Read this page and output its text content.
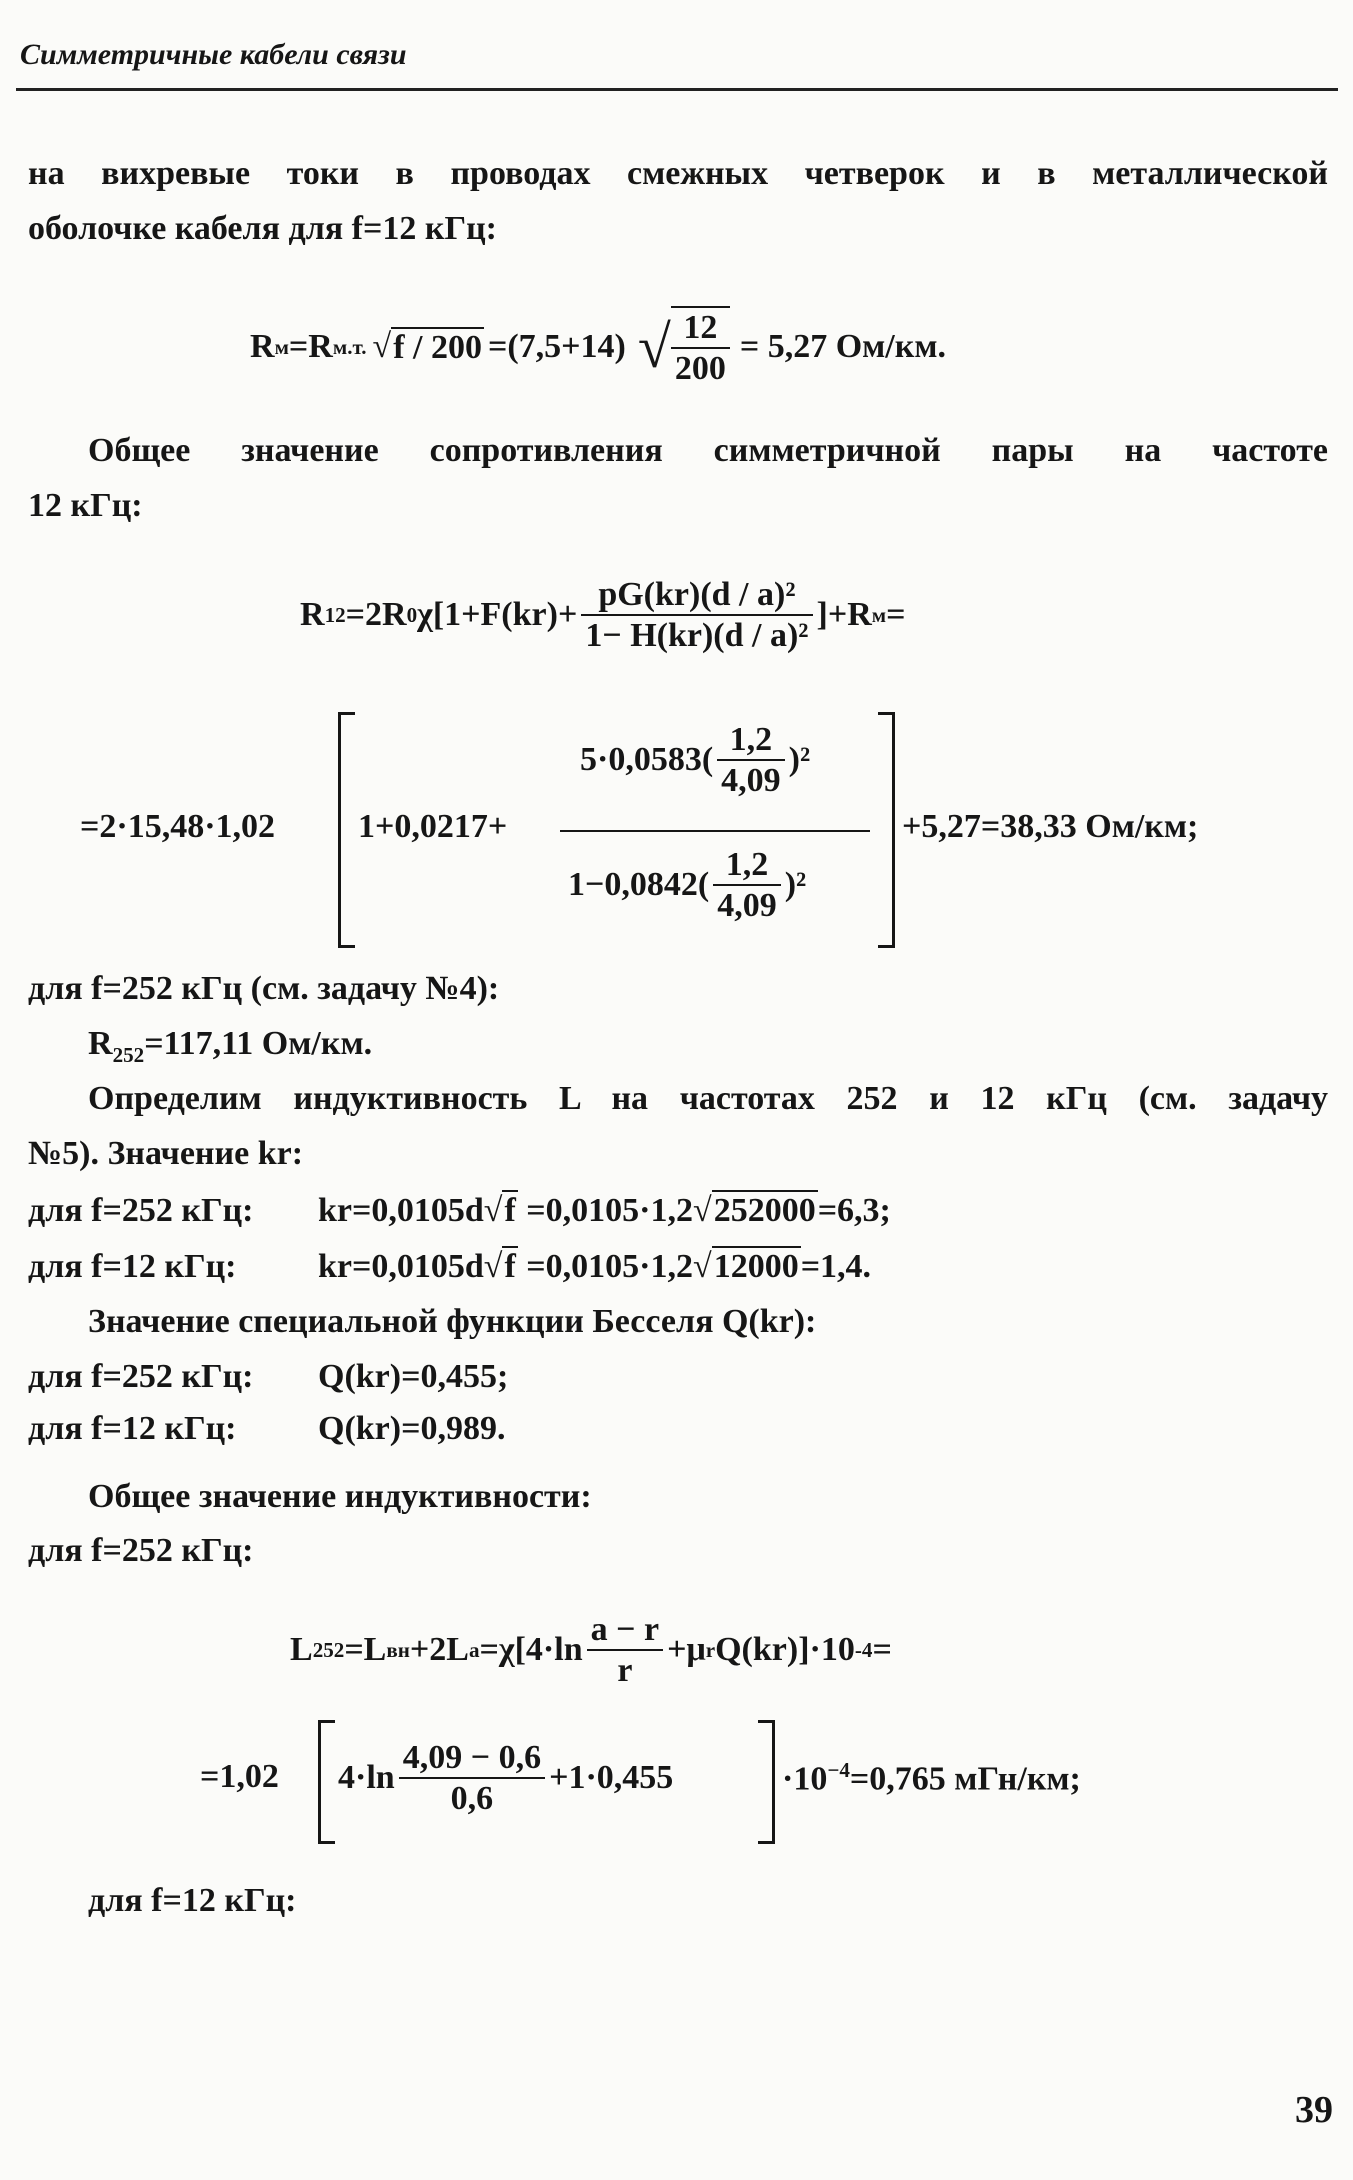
Симметричные кабели связи
на вихревые токи в проводах смежных четверок и в металлической
оболочке кабеля для f=12 кГц:
R м =R м.т. √ f / 200 =(7,5+14) √ $\frac{12}{200} = 5,27$ Ом/км.
Общее значение сопротивления симметричной пары на частоте
12 кГц:
R 12 =2R 0 $\chi[1+F(kr)+ \frac{\text{pG(kr)(d / a)²}}{\text{1− H(kr)(d / a)²}} ]+R$ м =
=2·15,48·1,02 1+0,0217+
$5\cdot 0,0583( \frac{1,2}{4,09} )^2$
$1-0,0842( \frac{1,2}{4,09} )^2$
+5,27=38,33 Ом/км;
для f=252 кГц (см. задачу №4):
$R_{252}=117,11$ Ом/км.
Определим индуктивность L на частотах 252 и 12 кГц (см. задачу
№5). Значение kr:
для f=252 кГц: kr=0,0105d√f =0,0105·1,2√252000=6,3;
для f=12 кГц: kr=0,0105d√f =0,0105·1,2√12000=1,4.
Значение специальной функции Бесселя Q(kr):
для f=252 кГц: Q(kr)=0,455;
для f=12 кГц: Q(kr)=0,989.
Общее значение индуктивности:
для f=252 кГц:
L 252 =L вн +2L $a =\chi[4\cdot\ln \frac{a - r}{r} +\mu$ r Q(kr)]·10 -4 =
=1,02 $4\cdot\ln \frac{4,09 - 0,6}{0,6} +1\cdot 0,455$	$\cdot 10^{-4}=0,765$ мГн/км;
для f=12 кГц:
39
